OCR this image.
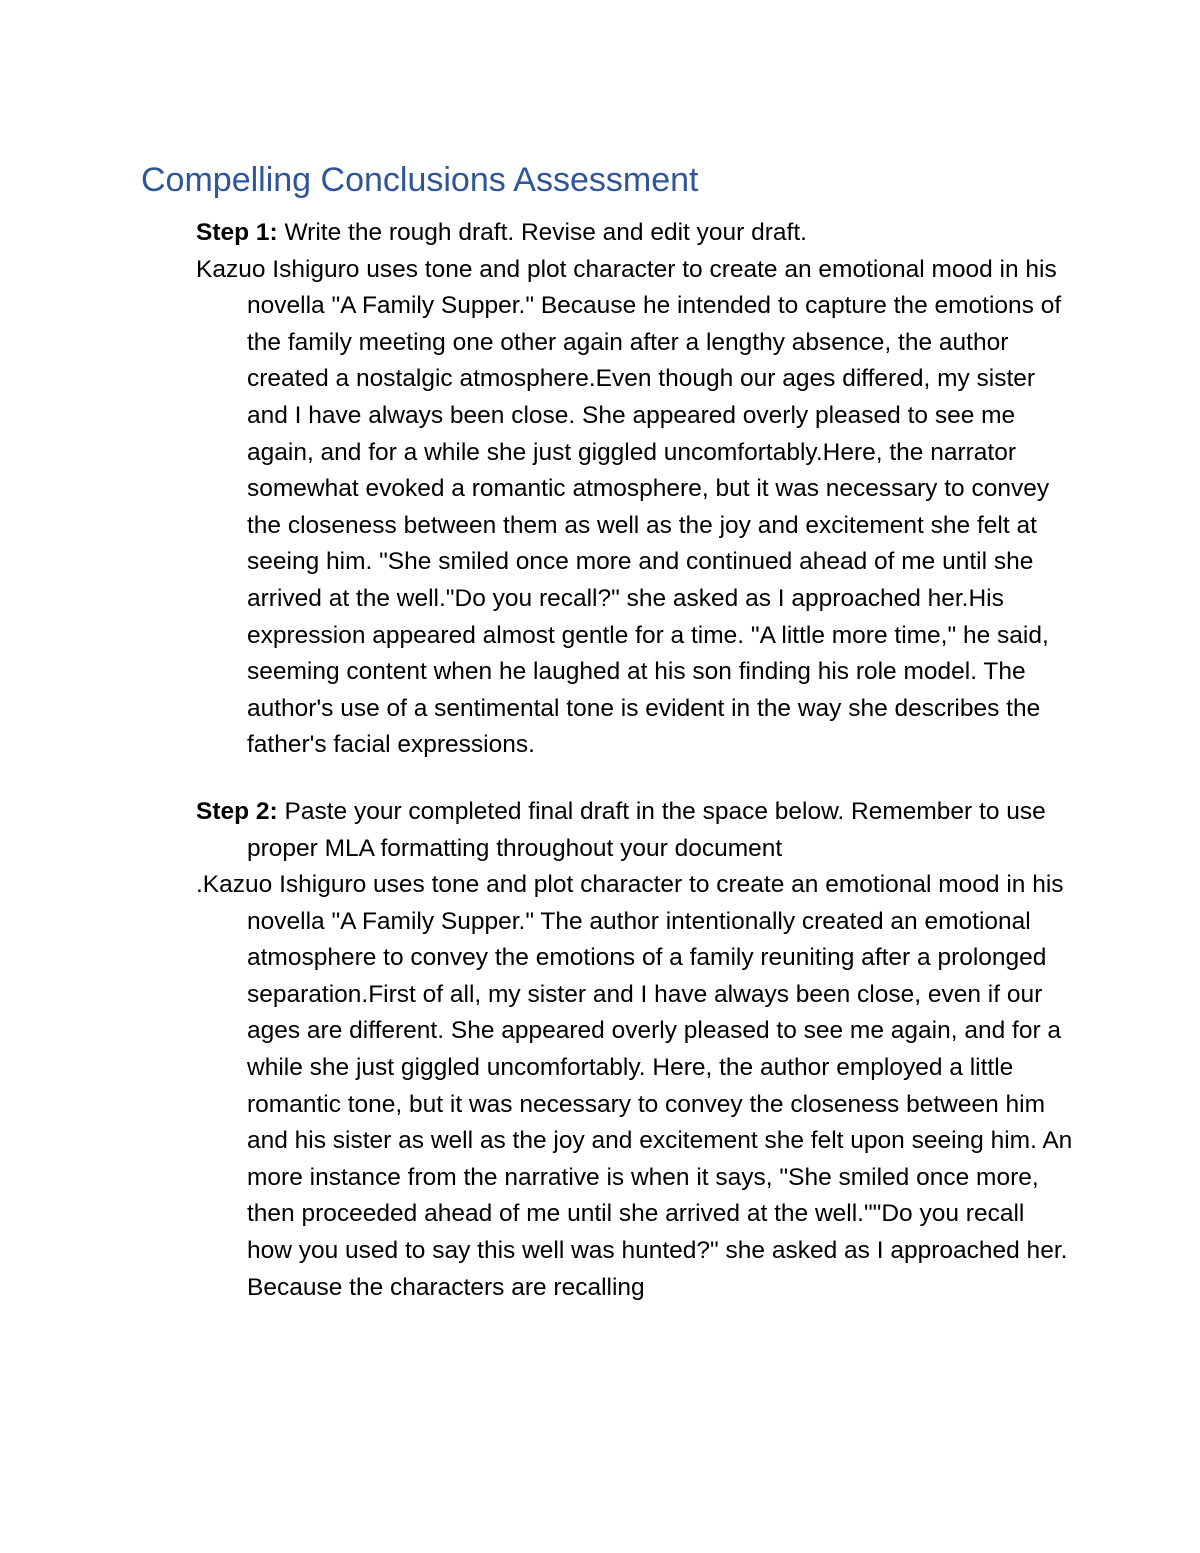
Compelling Conclusions Assessment

Step 1: Write the rough draft. Revise and edit your draft.

Kazuo Ishiguro uses tone and plot character to create an emotional mood in his novella "A Family Supper." Because he intended to capture the emotions of the family meeting one other again after a lengthy absence, the author created a nostalgic atmosphere.Even though our ages differed, my sister and I have always been close. She appeared overly pleased to see me again, and for a while she just giggled uncomfortably.Here, the narrator somewhat evoked a romantic atmosphere, but it was necessary to convey the closeness between them as well as the joy and excitement she felt at seeing him. "She smiled once more and continued ahead of me until she arrived at the well."Do you recall?" she asked as I approached her.His expression appeared almost gentle for a time. "A little more time," he said, seeming content when he laughed at his son finding his role model. The author's use of a sentimental tone is evident in the way she describes the father's facial expressions.

Step 2: Paste your completed final draft in the space below. Remember to use proper MLA formatting throughout your document

.Kazuo Ishiguro uses tone and plot character to create an emotional mood in his novella "A Family Supper." The author intentionally created an emotional atmosphere to convey the emotions of a family reuniting after a prolonged separation.First of all, my sister and I have always been close, even if our ages are different. She appeared overly pleased to see me again, and for a while she just giggled uncomfortably. Here, the author employed a little romantic tone, but it was necessary to convey the closeness between him and his sister as well as the joy and excitement she felt upon seeing him. An more instance from the narrative is when it says, "She smiled once more, then proceeded ahead of me until she arrived at the well.""Do you recall how you used to say this well was hunted?" she asked as I approached her. Because the characters are recalling
